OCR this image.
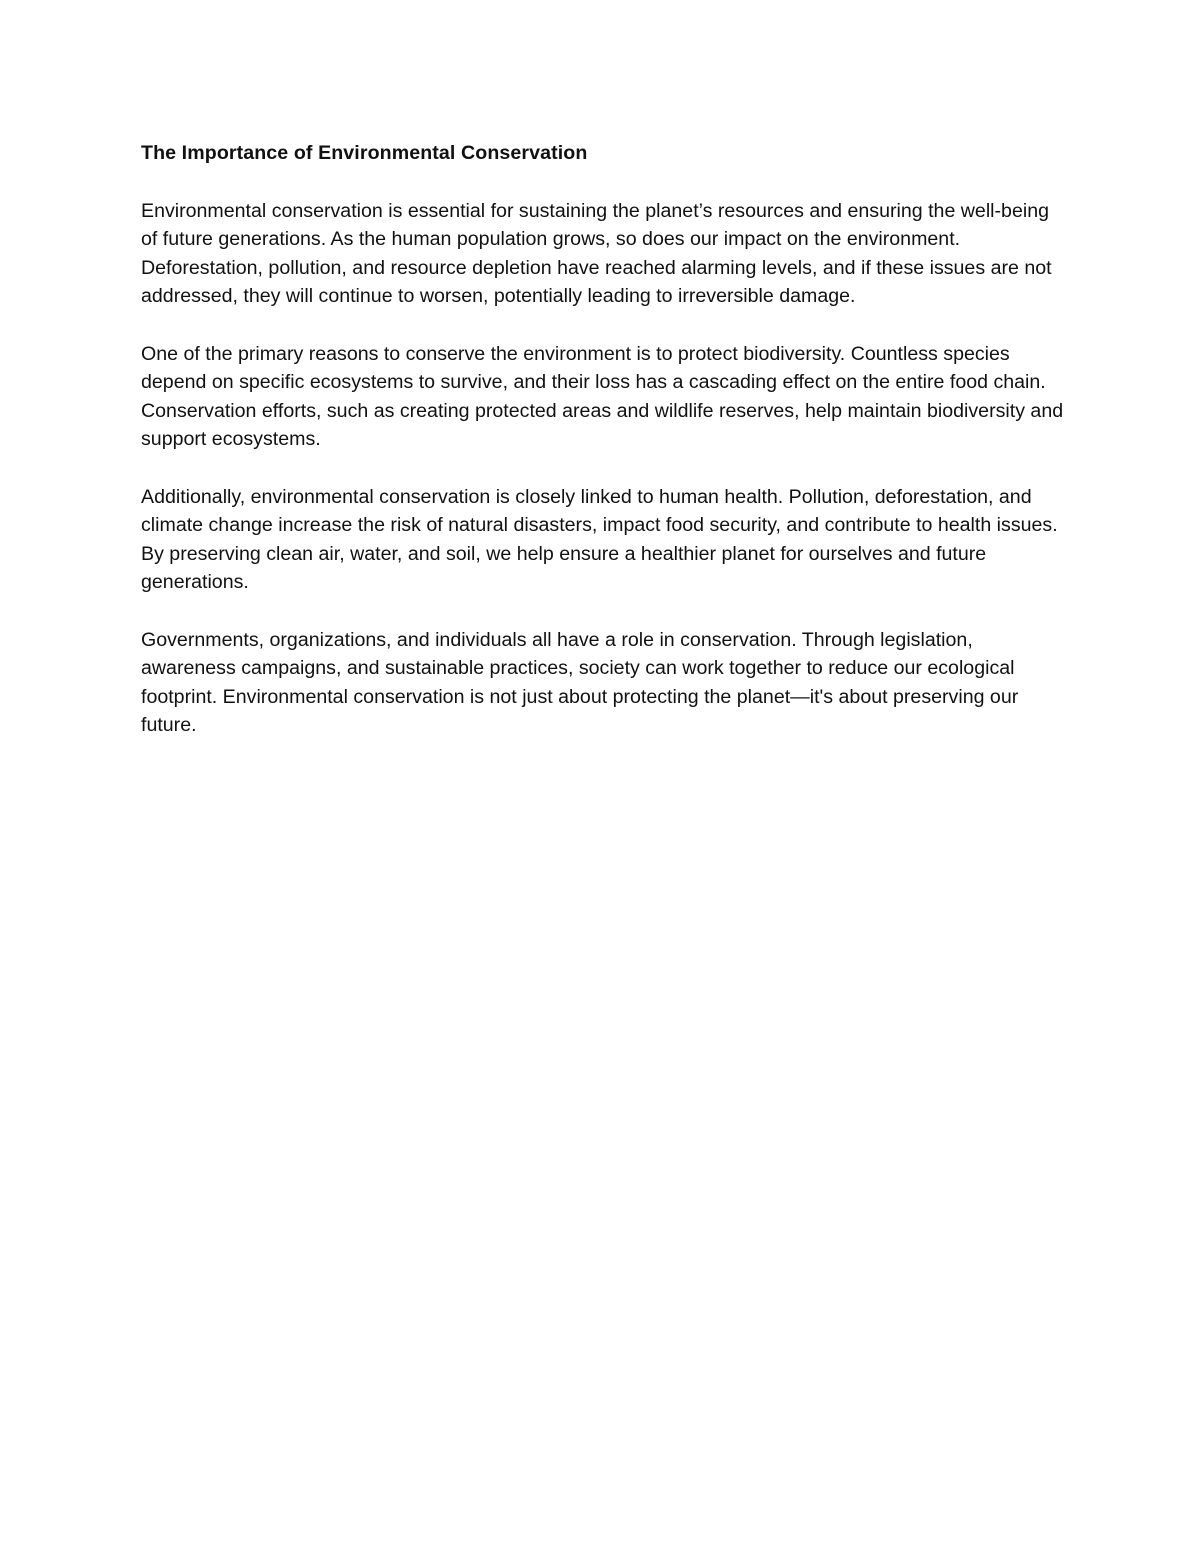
The Importance of Environmental Conservation

Environmental conservation is essential for sustaining the planet’s resources and ensuring the well-being of future generations. As the human population grows, so does our impact on the environment. Deforestation, pollution, and resource depletion have reached alarming levels, and if these issues are not addressed, they will continue to worsen, potentially leading to irreversible damage.

One of the primary reasons to conserve the environment is to protect biodiversity. Countless species depend on specific ecosystems to survive, and their loss has a cascading effect on the entire food chain. Conservation efforts, such as creating protected areas and wildlife reserves, help maintain biodiversity and support ecosystems.

Additionally, environmental conservation is closely linked to human health. Pollution, deforestation, and climate change increase the risk of natural disasters, impact food security, and contribute to health issues. By preserving clean air, water, and soil, we help ensure a healthier planet for ourselves and future generations.

Governments, organizations, and individuals all have a role in conservation. Through legislation, awareness campaigns, and sustainable practices, society can work together to reduce our ecological footprint. Environmental conservation is not just about protecting the planet—it's about preserving our future.
